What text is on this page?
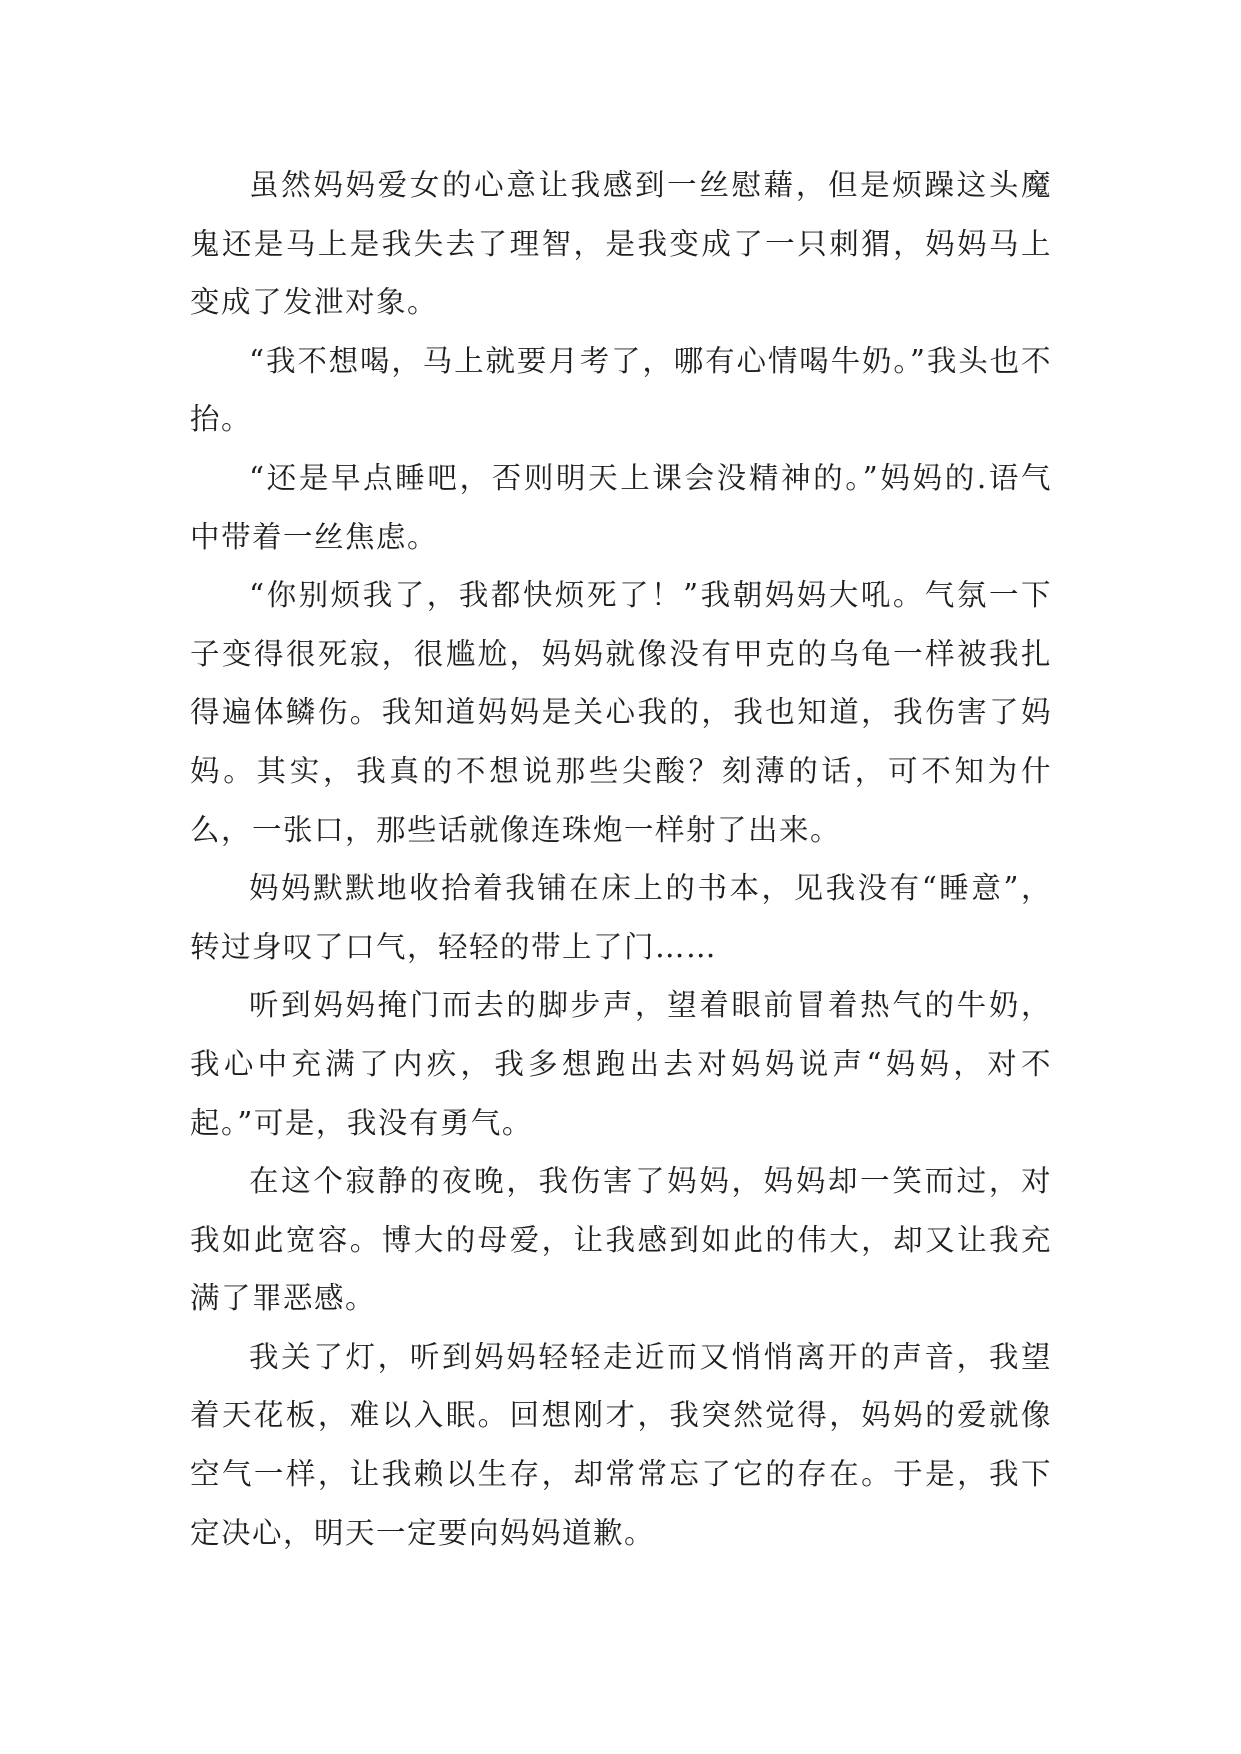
虽然妈妈爱女的心意让我感到一丝慰藉，但是烦躁这头魔鬼还是马上是我失去了理智，是我变成了一只刺猬，妈妈马上变成了发泄对象。

“我不想喝，马上就要月考了，哪有心情喝牛奶。”我头也不抬。

“还是早点睡吧，否则明天上课会没精神的。”妈妈的.语气中带着一丝焦虑。

“你别烦我了，我都快烦死了！”我朝妈妈大吼。气氛一下子变得很死寂，很尴尬，妈妈就像没有甲克的乌龟一样被我扎得遍体鳞伤。我知道妈妈是关心我的，我也知道，我伤害了妈妈。其实，我真的不想说那些尖酸？刻薄的话，可不知为什么，一张口，那些话就像连珠炮一样射了出来。

妈妈默默地收拾着我铺在床上的书本，见我没有“睡意”，转过身叹了口气，轻轻的带上了门……

听到妈妈掩门而去的脚步声，望着眼前冒着热气的牛奶，我心中充满了内疚，我多想跑出去对妈妈说声“妈妈，对不起。”可是，我没有勇气。

在这个寂静的夜晚，我伤害了妈妈，妈妈却一笑而过，对我如此宽容。博大的母爱，让我感到如此的伟大，却又让我充满了罪恶感。

我关了灯，听到妈妈轻轻走近而又悄悄离开的声音，我望着天花板，难以入眠。回想刚才，我突然觉得，妈妈的爱就像空气一样，让我赖以生存，却常常忘了它的存在。于是，我下定决心，明天一定要向妈妈道歉。
